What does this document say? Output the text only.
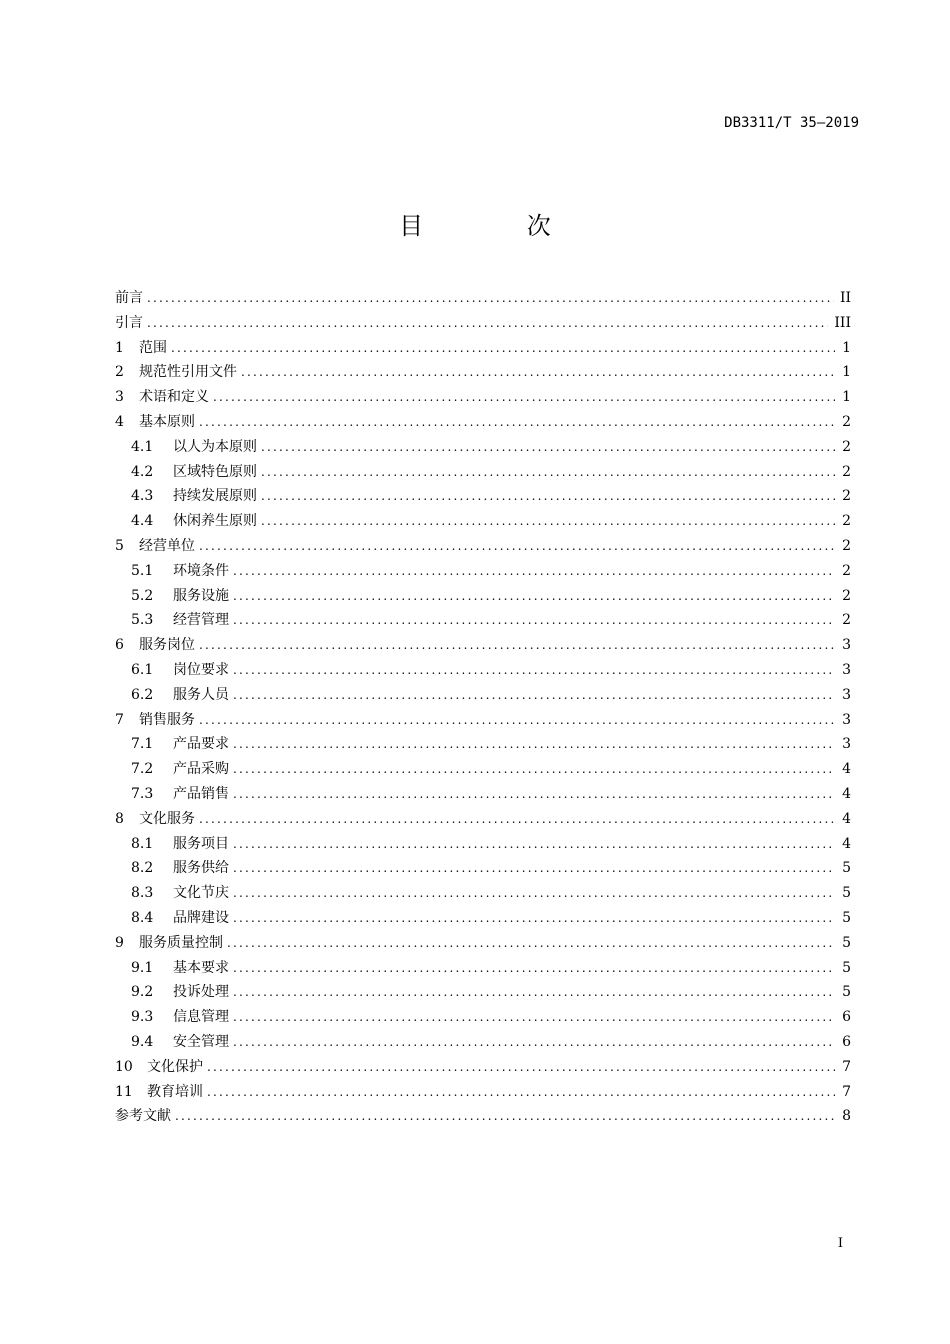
DB3311/T 35—2019
目 次
前言 .....	II
引言 .....	III
1	范围 .....	1
2	规范性引用文件 .....	1
3	术语和定义 .....	1
4	基本原则 .....	2
4.1	以人为本原则 .....	2
4.2	区域特色原则 .....	2
4.3	持续发展原则 .....	2
4.4	休闲养生原则 .....	2
5	经营单位 .....	2
5.1	环境条件 .....	2
5.2	服务设施 .....	2
5.3	经营管理 .....	2
6	服务岗位 .....	3
6.1	岗位要求 .....	3
6.2	服务人员 .....	3
7	销售服务 .....	3
7.1	产品要求 .....	3
7.2	产品采购 .....	4
7.3	产品销售 .....	4
8	文化服务 .....	4
8.1	服务项目 .....	4
8.2	服务供给 .....	5
8.3	文化节庆 .....	5
8.4	品牌建设 .....	5
9	服务质量控制 .....	5
9.1	基本要求 .....	5
9.2	投诉处理 .....	5
9.3	信息管理 .....	6
9.4	安全管理 .....	6
10	文化保护 .....	7
11	教育培训 .....	7
参考文献 .....	8
I
